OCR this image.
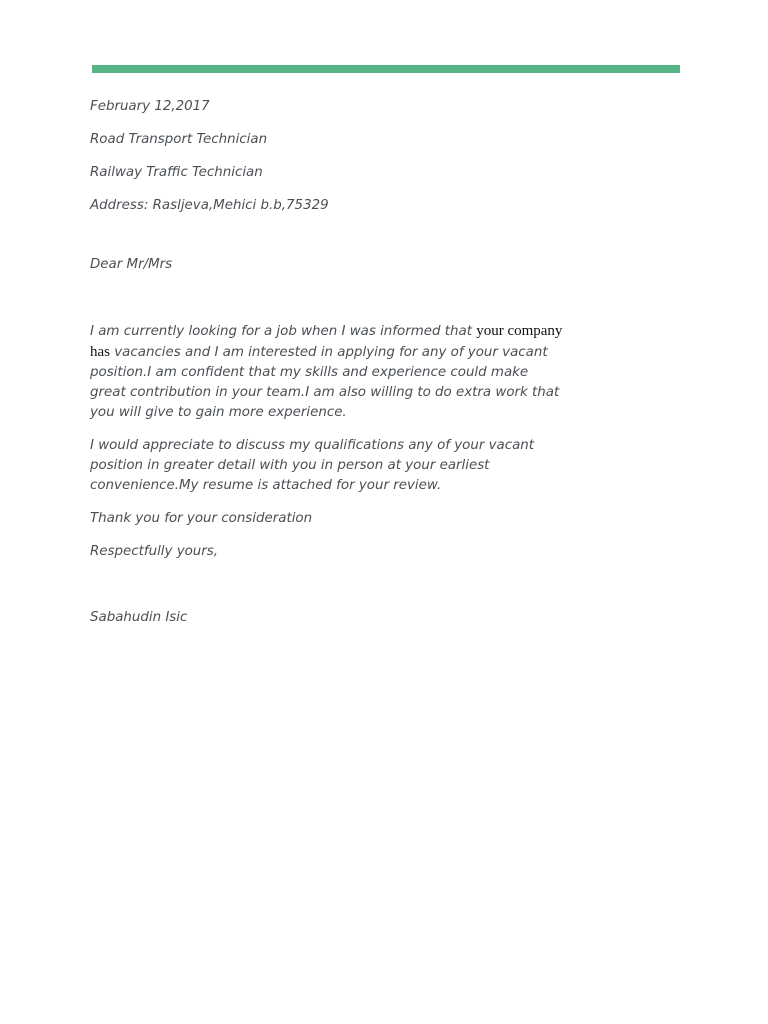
February 12,2017

Road Transport Technician

Railway Traffic Technician

Address: Rasljeva,Mehici b.b,75329

Dear Mr/Mrs

I am currently looking for a job when I was informed that your company has vacancies and I am interested in applying for any of your vacant position.I am confident that my skills and experience could make great contribution in your team.I am also willing to do extra work that you will give to gain more experience.

I would appreciate to discuss my qualifications any of your vacant position in greater detail with you in person at your earliest convenience.My resume is attached for your review.

Thank you for your consideration

Respectfully yours,

Sabahudin Isic
